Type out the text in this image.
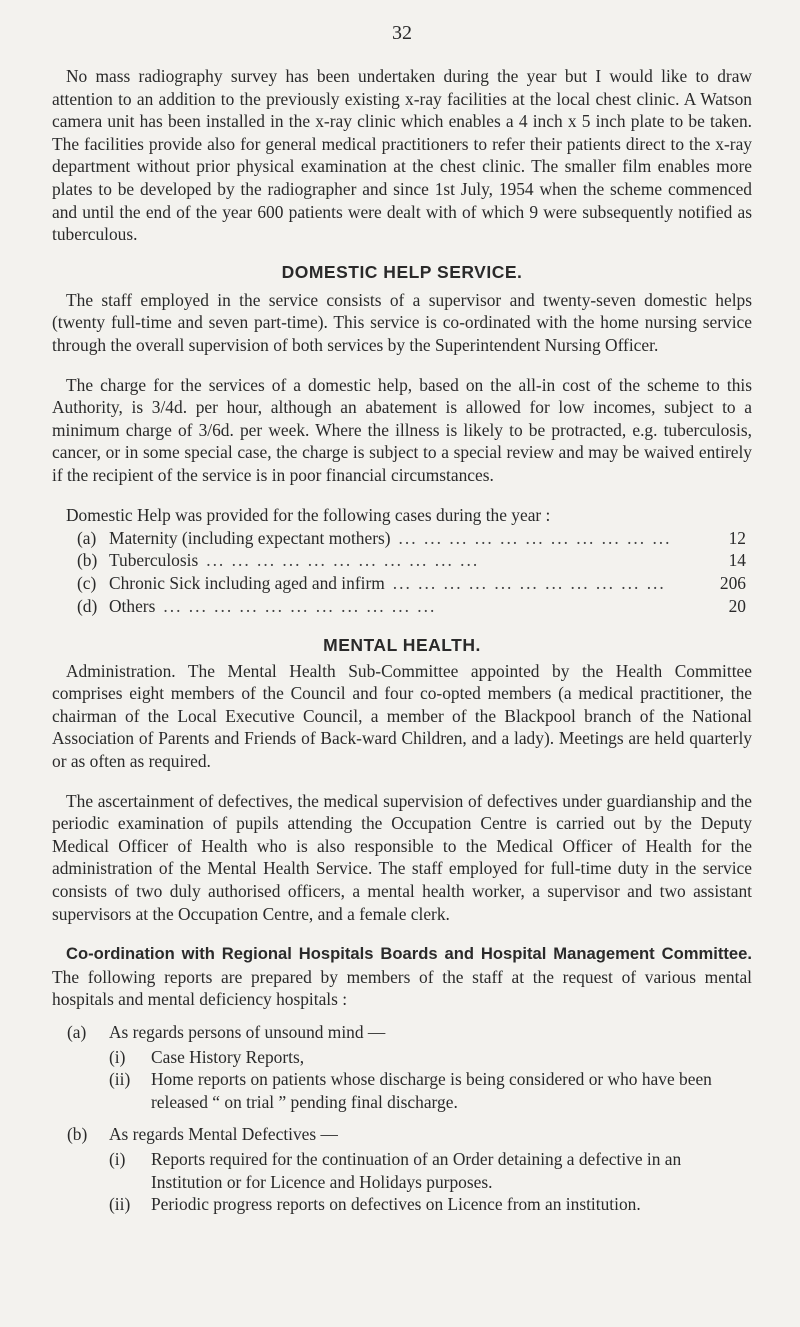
32

No mass radiography survey has been undertaken during the year but I would like to draw attention to an addition to the previously existing x-ray facilities at the local chest clinic. A Watson camera unit has been installed in the x-ray clinic which enables a 4 inch x 5 inch plate to be taken. The facilities provide also for general medical practitioners to refer their patients direct to the x-ray department without prior physical examination at the chest clinic. The smaller film enables more plates to be developed by the radiographer and since 1st July, 1954 when the scheme commenced and until the end of the year 600 patients were dealt with of which 9 were subsequently notified as tuberculous.

DOMESTIC HELP SERVICE.

The staff employed in the service consists of a supervisor and twenty-seven domestic helps (twenty full-time and seven part-time). This service is co-ordinated with the home nursing service through the overall supervision of both services by the Superintendent Nursing Officer.

The charge for the services of a domestic help, based on the all-in cost of the scheme to this Authority, is 3/4d. per hour, although an abatement is allowed for low incomes, subject to a minimum charge of 3/6d. per week. Where the illness is likely to be protracted, e.g. tuberculosis, cancer, or in some special case, the charge is subject to a special review and may be waived entirely if the recipient of the service is in poor financial circumstances.

Domestic Help was provided for the following cases during the year :

(a) Maternity (including expectant mothers) ...	12
(b) Tuberculosis ...	14
(c) Chronic Sick including aged and infirm ...	206
(d) Others ...	20
MENTAL HEALTH.

Administration. The Mental Health Sub-Committee appointed by the Health Committee comprises eight members of the Council and four co-opted members (a medical practitioner, the chairman of the Local Executive Council, a member of the Blackpool branch of the National Association of Parents and Friends of Back-ward Children, and a lady). Meetings are held quarterly or as often as required.

The ascertainment of defectives, the medical supervision of defectives under guardianship and the periodic examination of pupils attending the Occupation Centre is carried out by the Deputy Medical Officer of Health who is also responsible to the Medical Officer of Health for the administration of the Mental Health Service. The staff employed for full-time duty in the service consists of two duly authorised officers, a mental health worker, a supervisor and two assistant supervisors at the Occupation Centre, and a female clerk.

Co-ordination with Regional Hospitals Boards and Hospital Management Committee. The following reports are prepared by members of the staff at the request of various mental hospitals and mental deficiency hospitals :

(a)	As regards persons of unsound mind —
(i)	Case History Reports,
(ii)	Home reports on patients whose discharge is being considered or who have been released “ on trial ” pending final discharge.
(b)	As regards Mental Defectives —
(i)	Reports required for the continuation of an Order detaining a defective in an Institution or for Licence and Holidays purposes.
(ii)	Periodic progress reports on defectives on Licence from an institution.
